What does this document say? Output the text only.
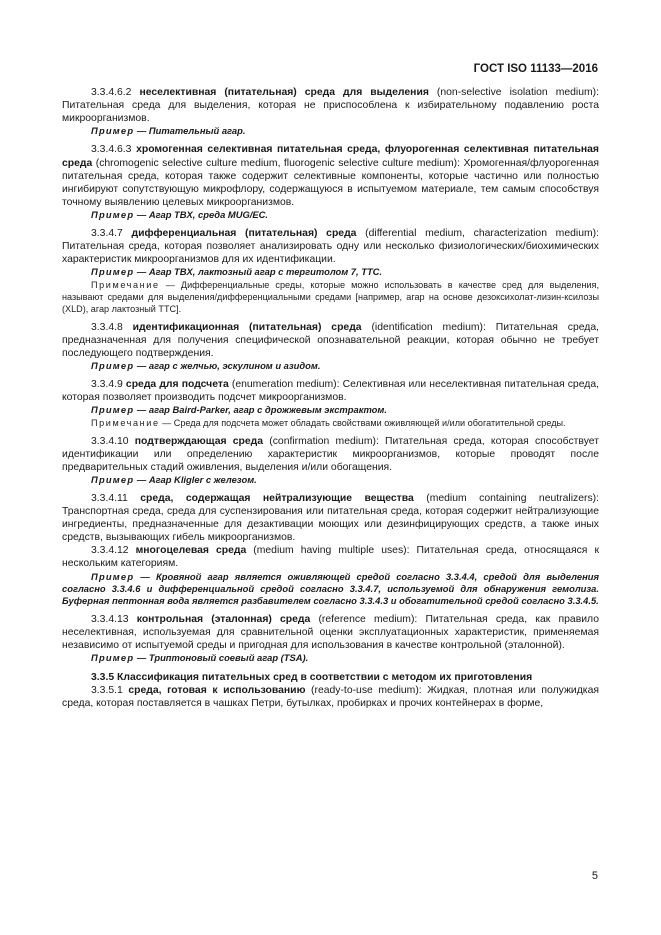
ГОСТ ISO 11133—2016

3.3.4.6.2 неселективная (питательная) среда для выделения (non-selective isolation medium): Питательная среда для выделения, которая не приспособлена к избирательному подавлению роста микроорганизмов.

Пример — Питательный агар.

3.3.4.6.3 хромогенная селективная питательная среда, флуорогенная селективная питательная среда (chromogenic selective culture medium, fluorogenic selective culture medium): Хромогенная/флуорогенная питательная среда, которая также содержит селективные компоненты, которые частично или полностью ингибируют сопутствующую микрофлору, содержащуюся в испытуемом материале, тем самым способствуя точному выявлению целевых микроорганизмов.

Пример — Агар TBX, среда MUG/EC.

3.3.4.7 дифференциальная (питательная) среда (differential medium, characterization medium): Питательная среда, которая позволяет анализировать одну или несколько физиологических/биохимических характеристик микроорганизмов для их идентификации.

Пример — Агар TBX, лактозный агар с тергитолом 7, TTC.

Примечание — Дифференциальные среды, которые можно использовать в качестве сред для выделения, называют средами для выделения/дифференциальными средами [например, агар на основе дезоксихолат-лизин-ксилозы (XLD), агар лактозный TTC].

3.3.4.8 идентификационная (питательная) среда (identification medium): Питательная среда, предназначенная для получения специфической опознавательной реакции, которая обычно не требует последующего подтверждения.

Пример — агар с желчью, эскулином и азидом.

3.3.4.9 среда для подсчета (enumeration medium): Селективная или неселективная питательная среда, которая позволяет производить подсчет микроорганизмов.

Пример — агар Baird-Parker, агар с дрожжевым экстрактом.

Примечание — Среда для подсчета может обладать свойствами оживляющей и/или обогатительной среды.

3.3.4.10 подтверждающая среда (confirmation medium): Питательная среда, которая способствует идентификации или определению характеристик микроорганизмов, которые проводят после предварительных стадий оживления, выделения и/или обогащения.

Пример — Агар Kligler с железом.

3.3.4.11 среда, содержащая нейтрализующие вещества (medium containing neutralizers): Транспортная среда, среда для суспензирования или питательная среда, которая содержит нейтрализующие ингредиенты, предназначенные для дезактивации моющих или дезинфицирующих средств, а также иных средств, вызывающих гибель микроорганизмов.

3.3.4.12 многоцелевая среда (medium having multiple uses): Питательная среда, относящаяся к нескольким категориям.

Пример — Кровяной агар является оживляющей средой согласно 3.3.4.4, средой для выделения согласно 3.3.4.6 и дифференциальной средой согласно 3.3.4.7, используемой для обнаружения гемолиза. Буферная пептонная вода является разбавителем согласно 3.3.4.3 и обогатительной средой согласно 3.3.4.5.

3.3.4.13 контрольная (эталонная) среда (reference medium): Питательная среда, как правило неселективная, используемая для сравнительной оценки эксплуатационных характеристик, применяемая независимо от испытуемой среды и пригодная для использования в качестве контрольной (эталонной).

Пример — Триптоновый соевый агар (TSA).

3.3.5 Классификация питательных сред в соответствии с методом их приготовления

3.3.5.1 среда, готовая к использованию (ready-to-use medium): Жидкая, плотная или полужидкая среда, которая поставляется в чашках Петри, бутылках, пробирках и прочих контейнерах в форме,

5
